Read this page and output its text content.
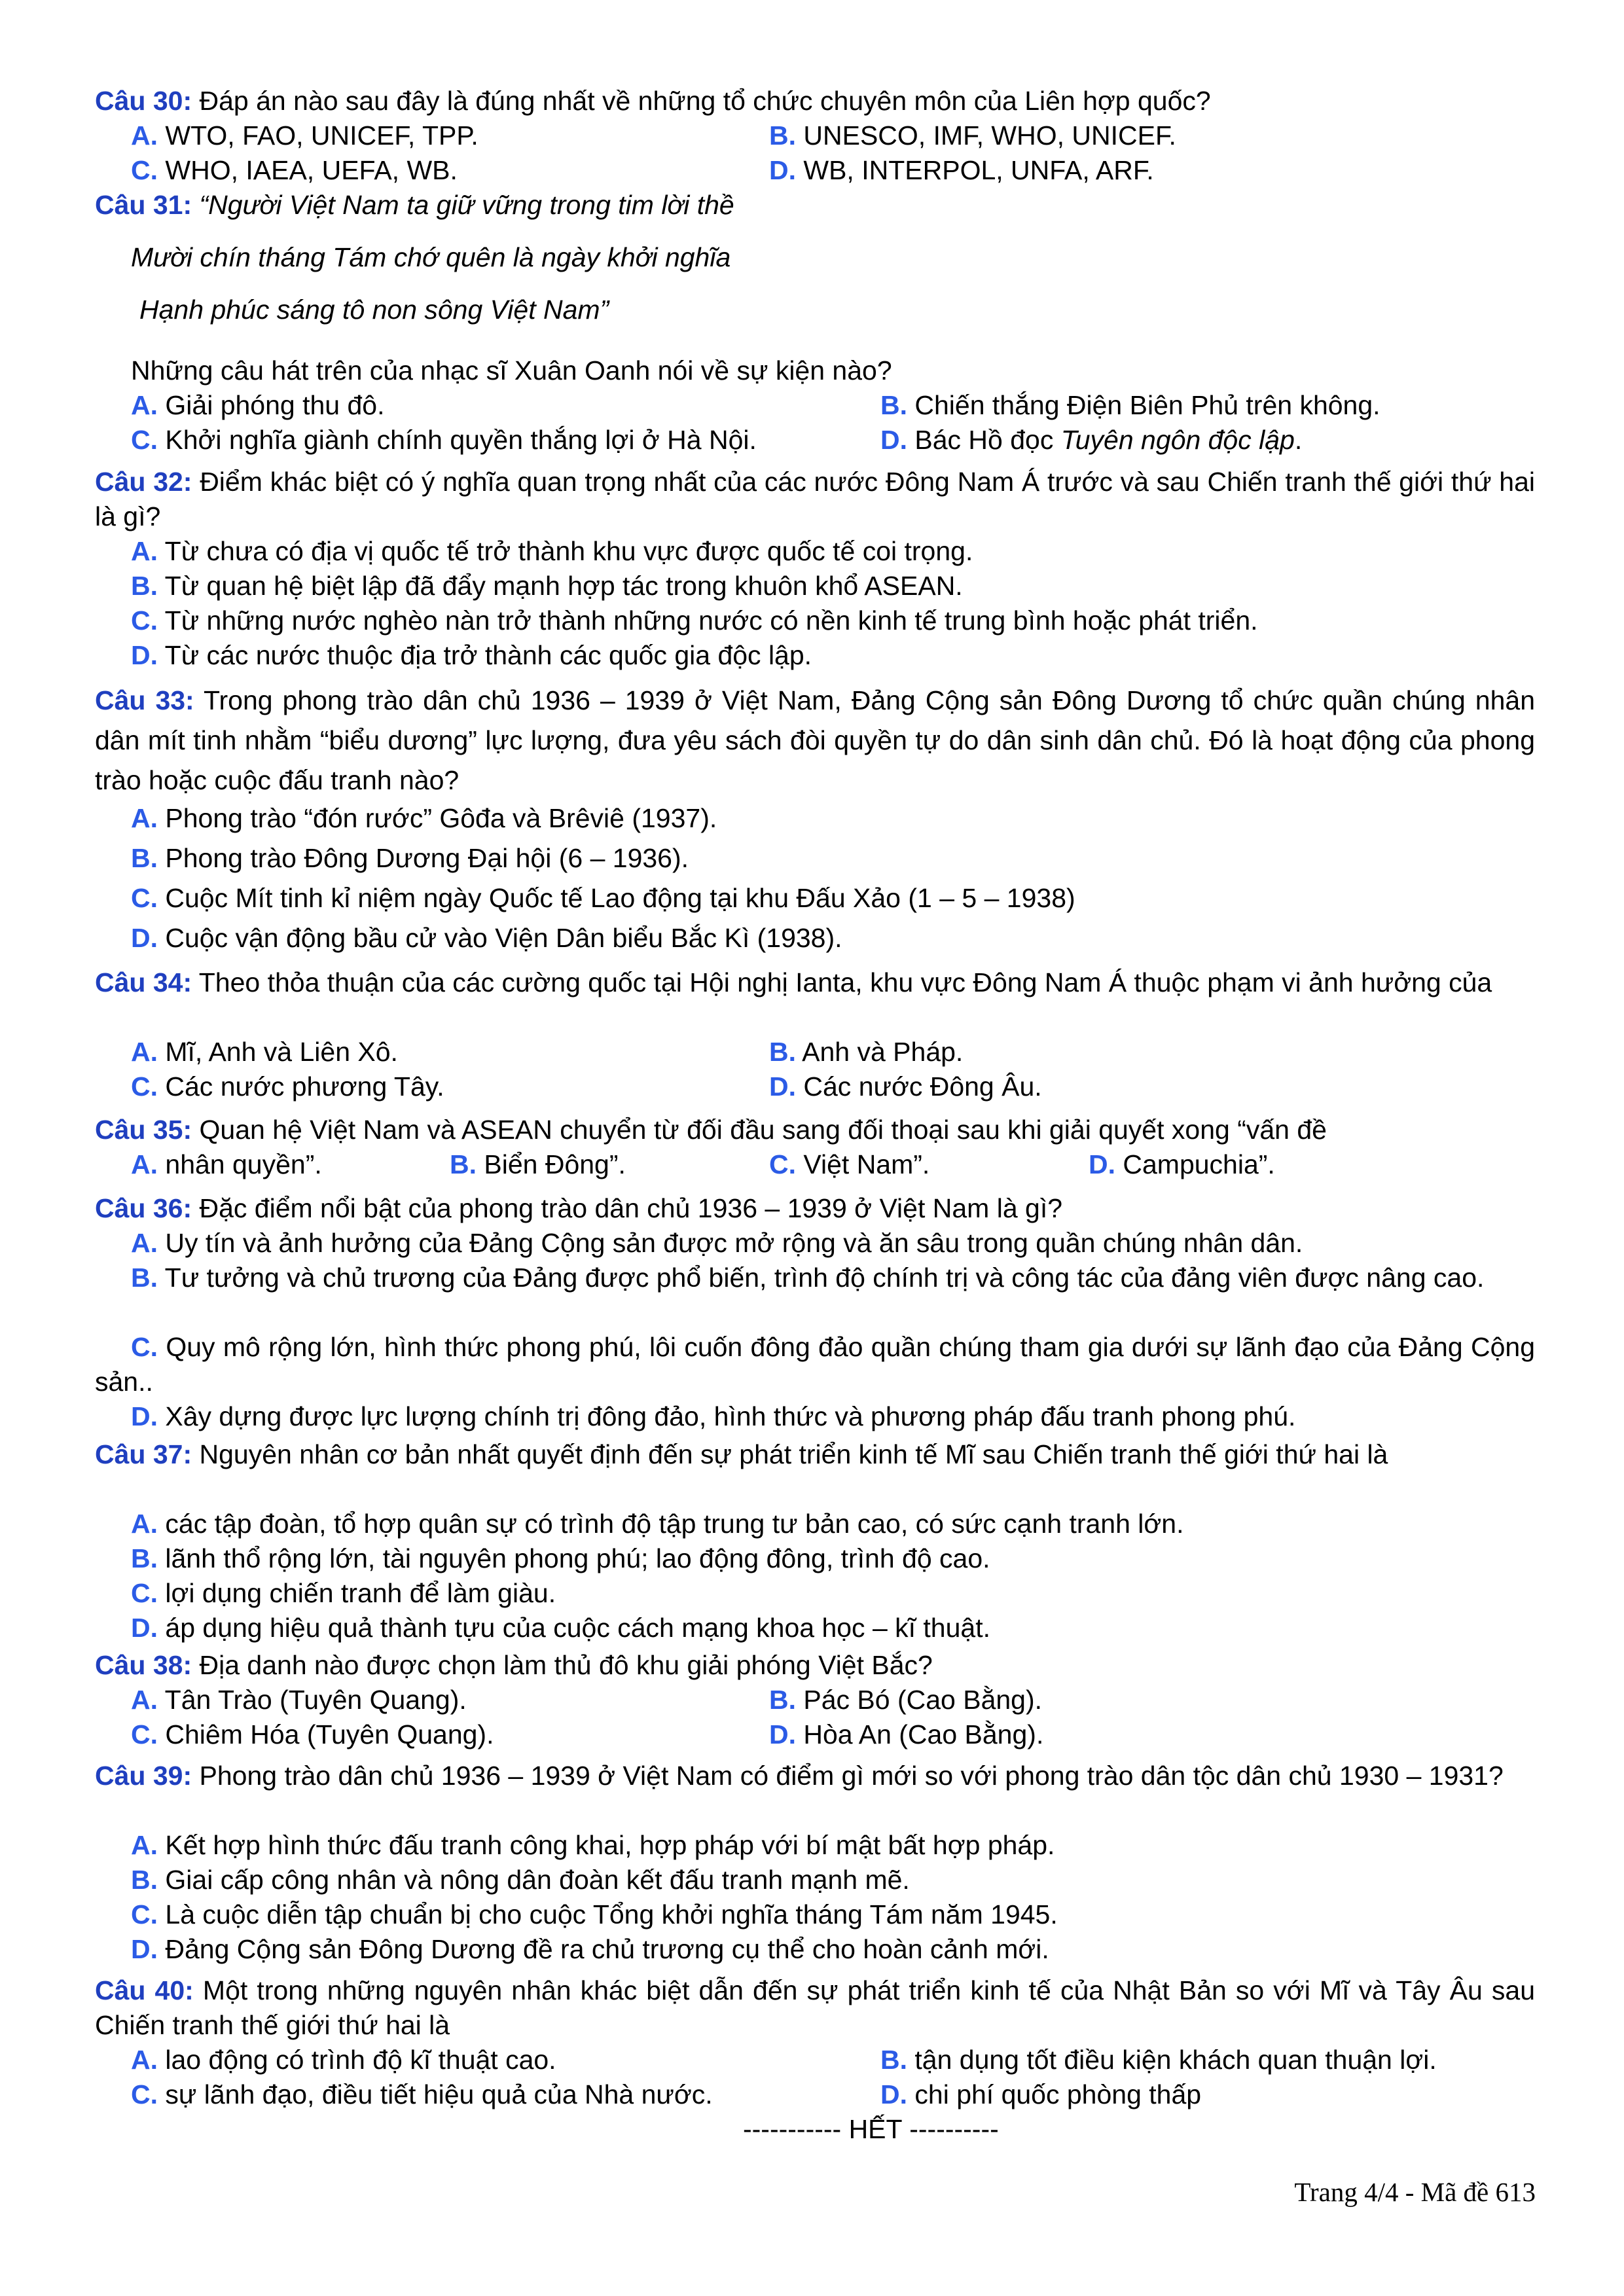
Câu 30: Đáp án nào sau đây là đúng nhất về những tổ chức chuyên môn của Liên hợp quốc?
A. WTO, FAO, UNICEF, TPP.	B. UNESCO, IMF, WHO, UNICEF.
C. WHO, IAEA, UEFA, WB.	D. WB, INTERPOL, UNFA, ARF.
Câu 31: “Người Việt Nam ta giữ vững trong tim lời thề
Mười chín tháng Tám chớ quên là ngày khởi nghĩa
Hạnh phúc sáng tô non sông Việt Nam”
Những câu hát trên của nhạc sĩ Xuân Oanh nói về sự kiện nào?
A. Giải phóng thu đô.	B. Chiến thắng Điện Biên Phủ trên không.
C. Khởi nghĩa giành chính quyền thắng lợi ở Hà Nội.	D. Bác Hồ đọc Tuyên ngôn độc lập.
Câu 32: Điểm khác biệt có ý nghĩa quan trọng nhất của các nước Đông Nam Á trước và sau Chiến tranh thế giới thứ hai là gì?
A. Từ chưa có địa vị quốc tế trở thành khu vực được quốc tế coi trọng.
B. Từ quan hệ biệt lập đã đẩy mạnh hợp tác trong khuôn khổ ASEAN.
C. Từ những nước nghèo nàn trở thành những nước có nền kinh tế trung bình hoặc phát triển.
D. Từ các nước thuộc địa trở thành các quốc gia độc lập.
Câu 33: Trong phong trào dân chủ 1936 – 1939 ở Việt Nam, Đảng Cộng sản Đông Dương tổ chức quần chúng nhân dân mít tinh nhằm “biểu dương” lực lượng, đưa yêu sách đòi quyền tự do dân sinh dân chủ. Đó là hoạt động của phong trào hoặc cuộc đấu tranh nào?
A. Phong trào “đón rước” Gôđa và Brêviê (1937).
B. Phong trào Đông Dương Đại hội (6 – 1936).
C. Cuộc Mít tinh kỉ niệm ngày Quốc tế Lao động tại khu Đấu Xảo (1 – 5 – 1938)
D. Cuộc vận động bầu cử vào Viện Dân biểu Bắc Kì (1938).
Câu 34: Theo thỏa thuận của các cường quốc tại Hội nghị Ianta, khu vực Đông Nam Á thuộc phạm vi ảnh hưởng của
A. Mĩ, Anh và Liên Xô.	B. Anh và Pháp.
C. Các nước phương Tây.	D. Các nước Đông Âu.
Câu 35: Quan hệ Việt Nam và ASEAN chuyển từ đối đầu sang đối thoại sau khi giải quyết xong “vấn đề
A. nhân quyền”.	B. Biển Đông”.	C. Việt Nam”.	D. Campuchia”.
Câu 36: Đặc điểm nổi bật của phong trào dân chủ 1936 – 1939 ở Việt Nam là gì?
A. Uy tín và ảnh hưởng của Đảng Cộng sản được mở rộng và ăn sâu trong quần chúng nhân dân.
B. Tư tưởng và chủ trương của Đảng được phổ biến, trình độ chính trị và công tác của đảng viên được nâng cao.
C. Quy mô rộng lớn, hình thức phong phú, lôi cuốn đông đảo quần chúng tham gia dưới sự lãnh đạo của Đảng Cộng sản..
D. Xây dựng được lực lượng chính trị đông đảo, hình thức và phương pháp đấu tranh phong phú.
Câu 37: Nguyên nhân cơ bản nhất quyết định đến sự phát triển kinh tế Mĩ sau Chiến tranh thế giới thứ hai là
A. các tập đoàn, tổ hợp quân sự có trình độ tập trung tư bản cao, có sức cạnh tranh lớn.
B. lãnh thổ rộng lớn, tài nguyên phong phú; lao động đông, trình độ cao.
C. lợi dụng chiến tranh để làm giàu.
D. áp dụng hiệu quả thành tựu của cuộc cách mạng khoa học – kĩ thuật.
Câu 38: Địa danh nào được chọn làm thủ đô khu giải phóng Việt Bắc?
A. Tân Trào (Tuyên Quang).	B. Pác Bó (Cao Bằng).
C. Chiêm Hóa (Tuyên Quang).	D. Hòa An (Cao Bằng).
Câu 39: Phong trào dân chủ 1936 – 1939 ở Việt Nam có điểm gì mới so với phong trào dân tộc dân chủ 1930 – 1931?
A. Kết hợp hình thức đấu tranh công khai, hợp pháp với bí mật bất hợp pháp.
B. Giai cấp công nhân và nông dân đoàn kết đấu tranh mạnh mẽ.
C. Là cuộc diễn tập chuẩn bị cho cuộc Tổng khởi nghĩa tháng Tám năm 1945.
D. Đảng Cộng sản Đông Dương đề ra chủ trương cụ thể cho hoàn cảnh mới.
Câu 40: Một trong những nguyên nhân khác biệt dẫn đến sự phát triển kinh tế của Nhật Bản so với Mĩ và Tây Âu sau Chiến tranh thế giới thứ hai là
A. lao động có trình độ kĩ thuật cao.	B. tận dụng tốt điều kiện khách quan thuận lợi.
C. sự lãnh đạo, điều tiết hiệu quả của Nhà nước.	D. chi phí quốc phòng thấp
----------- HẾT ----------
Trang 4/4 - Mã đề 613
